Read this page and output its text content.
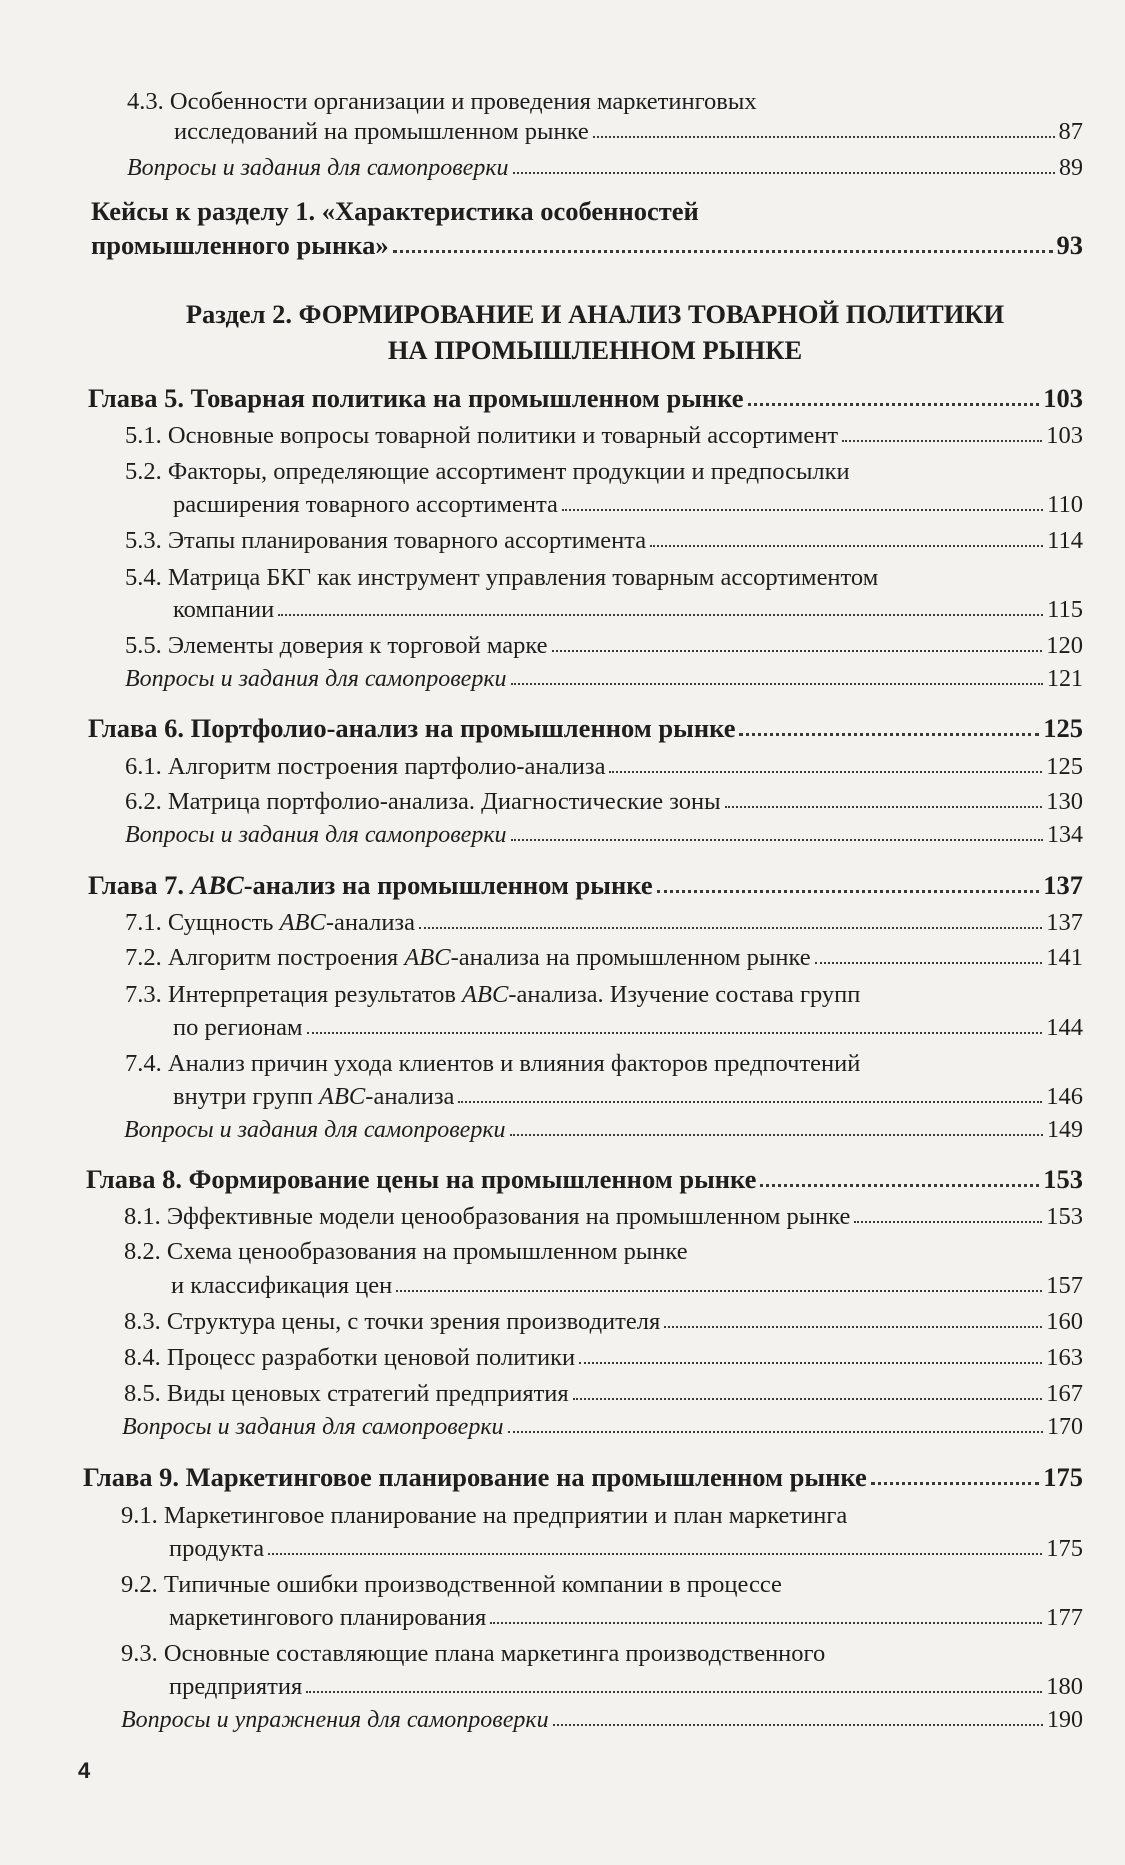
4.3. Особенности организации и проведения маркетинговых
исследований на промышленном рынке	87
Вопросы и задания для самопроверки	89
Кейсы к разделу 1. «Характеристика особенностей
промышленного рынка»	93
Раздел 2. ФОРМИРОВАНИЕ И АНАЛИЗ ТОВАРНОЙ ПОЛИТИКИ
НА ПРОМЫШЛЕННОМ РЫНКЕ
Глава 5. Товарная политика на промышленном рынке	103
5.1. Основные вопросы товарной политики и товарный ассортимент	103
5.2. Факторы, определяющие ассортимент продукции и предпосылки
расширения товарного ассортимента	110
5.3. Этапы планирования товарного ассортимента	114
5.4. Матрица БКГ как инструмент управления товарным ассортиментом
компании	115
5.5. Элементы доверия к торговой марке	120
Вопросы и задания для самопроверки	121
Глава 6. Портфолио-анализ на промышленном рынке	125
6.1. Алгоритм построения партфолио-анализа	125
6.2. Матрица портфолио-анализа. Диагностические зоны	130
Вопросы и задания для самопроверки	134
Глава 7. ABC-анализ на промышленном рынке	137
7.1. Сущность ABC-анализа	137
7.2. Алгоритм построения ABC-анализа на промышленном рынке	141
7.3. Интерпретация результатов ABC-анализа. Изучение состава групп
по регионам	144
7.4. Анализ причин ухода клиентов и влияния факторов предпочтений
внутри групп ABC-анализа	146
Вопросы и задания для самопроверки	149
Глава 8. Формирование цены на промышленном рынке	153
8.1. Эффективные модели ценообразования на промышленном рынке	153
8.2. Схема ценообразования на промышленном рынке
и классификация цен	157
8.3. Структура цены, с точки зрения производителя	160
8.4. Процесс разработки ценовой политики	163
8.5. Виды ценовых стратегий предприятия	167
Вопросы и задания для самопроверки	170
Глава 9. Маркетинговое планирование на промышленном рынке	175
9.1. Маркетинговое планирование на предприятии и план маркетинга
продукта	175
9.2. Типичные ошибки производственной компании в процессе
маркетингового планирования	177
9.3. Основные составляющие плана маркетинга производственного
предприятия	180
Вопросы и упражнения для самопроверки	190
4
